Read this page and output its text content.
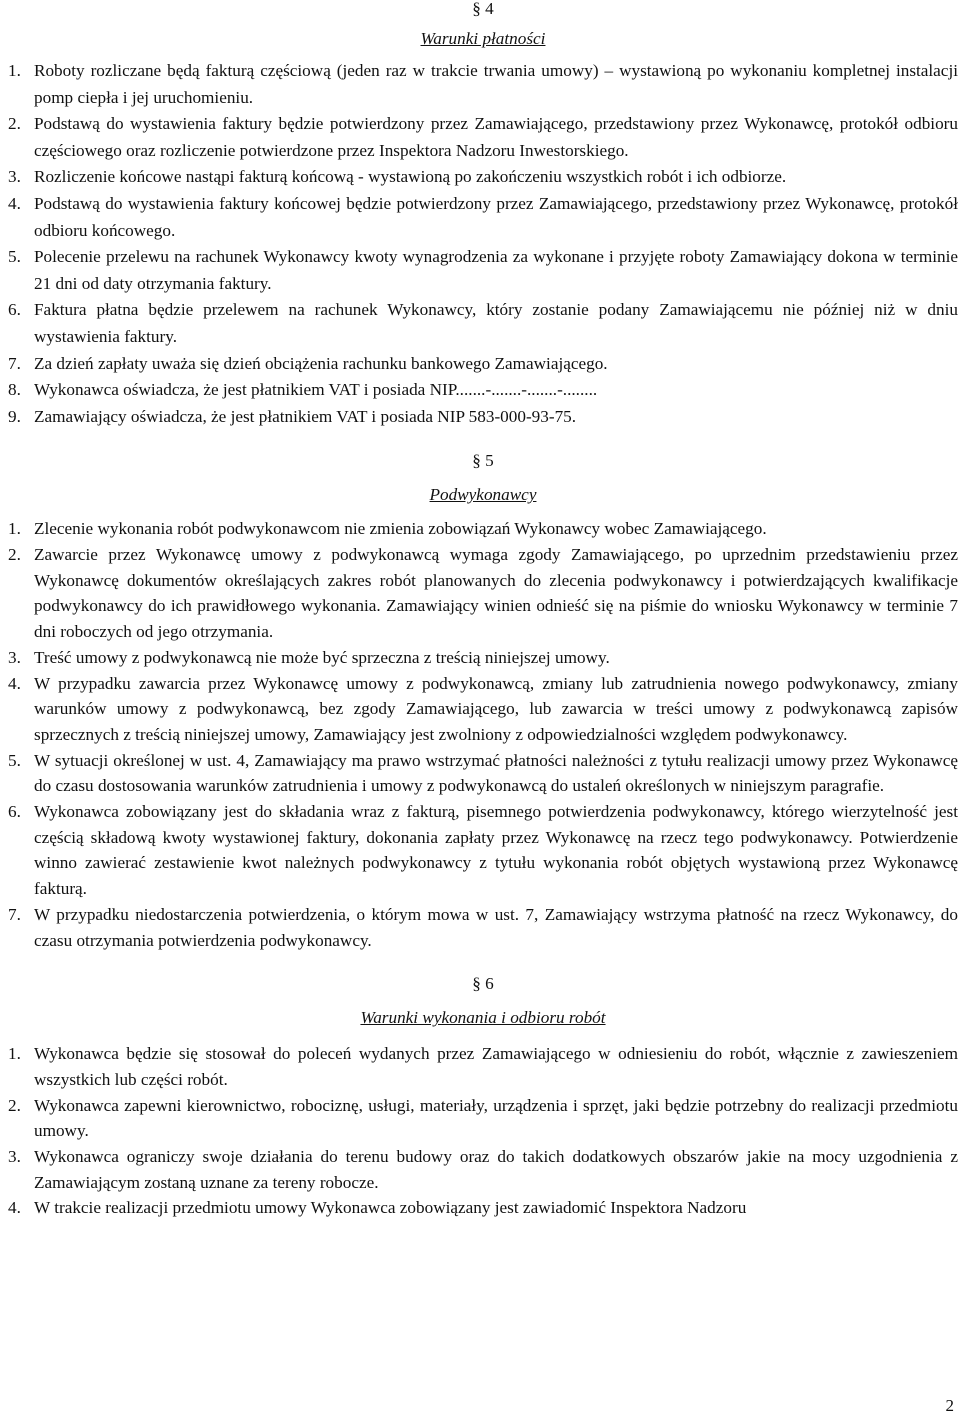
§ 4
Warunki płatności
1. Roboty rozliczane będą fakturą częściową (jeden raz w trakcie trwania umowy) – wystawioną po wykonaniu kompletnej instalacji pomp ciepła i jej uruchomieniu.
2. Podstawą do wystawienia faktury będzie potwierdzony przez Zamawiającego, przedstawiony przez Wykonawcę, protokół odbioru częściowego oraz rozliczenie potwierdzone przez Inspektora Nadzoru Inwestorskiego.
3. Rozliczenie końcowe nastąpi fakturą końcową - wystawioną po zakończeniu wszystkich robót i ich odbiorze.
4. Podstawą do wystawienia faktury końcowej będzie potwierdzony przez Zamawiającego, przedstawiony przez Wykonawcę, protokół odbioru końcowego.
5. Polecenie przelewu na rachunek Wykonawcy kwoty wynagrodzenia za wykonane i przyjęte roboty Zamawiający dokona w terminie 21 dni od daty otrzymania faktury.
6. Faktura płatna będzie przelewem na rachunek Wykonawcy, który zostanie podany Zamawiającemu nie później niż w dniu wystawienia faktury.
7. Za dzień zapłaty uważa się dzień obciążenia rachunku bankowego Zamawiającego.
8. Wykonawca oświadcza, że jest płatnikiem VAT i posiada NIP.......-.......-.......-........
9. Zamawiający oświadcza, że jest płatnikiem VAT i posiada NIP 583-000-93-75.
§ 5
Podwykonawcy
1. Zlecenie wykonania robót podwykonawcom nie zmienia zobowiązań Wykonawcy wobec Zamawiającego.
2. Zawarcie przez Wykonawcę umowy z podwykonawcą wymaga zgody Zamawiającego, po uprzednim przedstawieniu przez Wykonawcę dokumentów określających zakres robót planowanych do zlecenia podwykonawcy i potwierdzających kwalifikacje podwykonawcy do ich prawidłowego wykonania. Zamawiający winien odnieść się na piśmie do wniosku Wykonawcy w terminie 7 dni roboczych od jego otrzymania.
3. Treść umowy z podwykonawcą nie może być sprzeczna z treścią niniejszej umowy.
4. W przypadku zawarcia przez Wykonawcę umowy z podwykonawcą, zmiany lub zatrudnienia nowego podwykonawcy, zmiany warunków umowy z podwykonawcą, bez zgody Zamawiającego, lub zawarcia w treści umowy z podwykonawcą zapisów sprzecznych z treścią niniejszej umowy, Zamawiający jest zwolniony z odpowiedzialności względem podwykonawcy.
5. W sytuacji określonej w ust. 4, Zamawiający ma prawo wstrzymać płatności należności z tytułu realizacji umowy przez Wykonawcę do czasu dostosowania warunków zatrudnienia i umowy z podwykonawcą do ustaleń określonych w niniejszym paragrafie.
6. Wykonawca zobowiązany jest do składania wraz z fakturą, pisemnego potwierdzenia podwykonawcy, którego wierzytelność jest częścią składową kwoty wystawionej faktury, dokonania zapłaty przez Wykonawcę na rzecz tego podwykonawcy. Potwierdzenie winno zawierać zestawienie kwot należnych podwykonawcy z tytułu wykonania robót objętych wystawioną przez Wykonawcę fakturą.
7. W przypadku niedostarczenia potwierdzenia, o którym mowa w ust. 7, Zamawiający wstrzyma płatność na rzecz Wykonawcy, do czasu otrzymania potwierdzenia podwykonawcy.
§ 6
Warunki wykonania i odbioru robót
1. Wykonawca będzie się stosował do poleceń wydanych przez Zamawiającego w odniesieniu do robót, włącznie z zawieszeniem wszystkich lub części robót.
2. Wykonawca zapewni kierownictwo, robociznę, usługi, materiały, urządzenia i sprzęt, jaki będzie potrzebny do realizacji przedmiotu umowy.
3. Wykonawca ograniczy swoje działania do terenu budowy oraz do takich dodatkowych obszarów jakie na mocy uzgodnienia z Zamawiającym zostaną uznane za tereny robocze.
4. W trakcie realizacji przedmiotu umowy Wykonawca zobowiązany jest zawiadomić Inspektora Nadzoru
2
